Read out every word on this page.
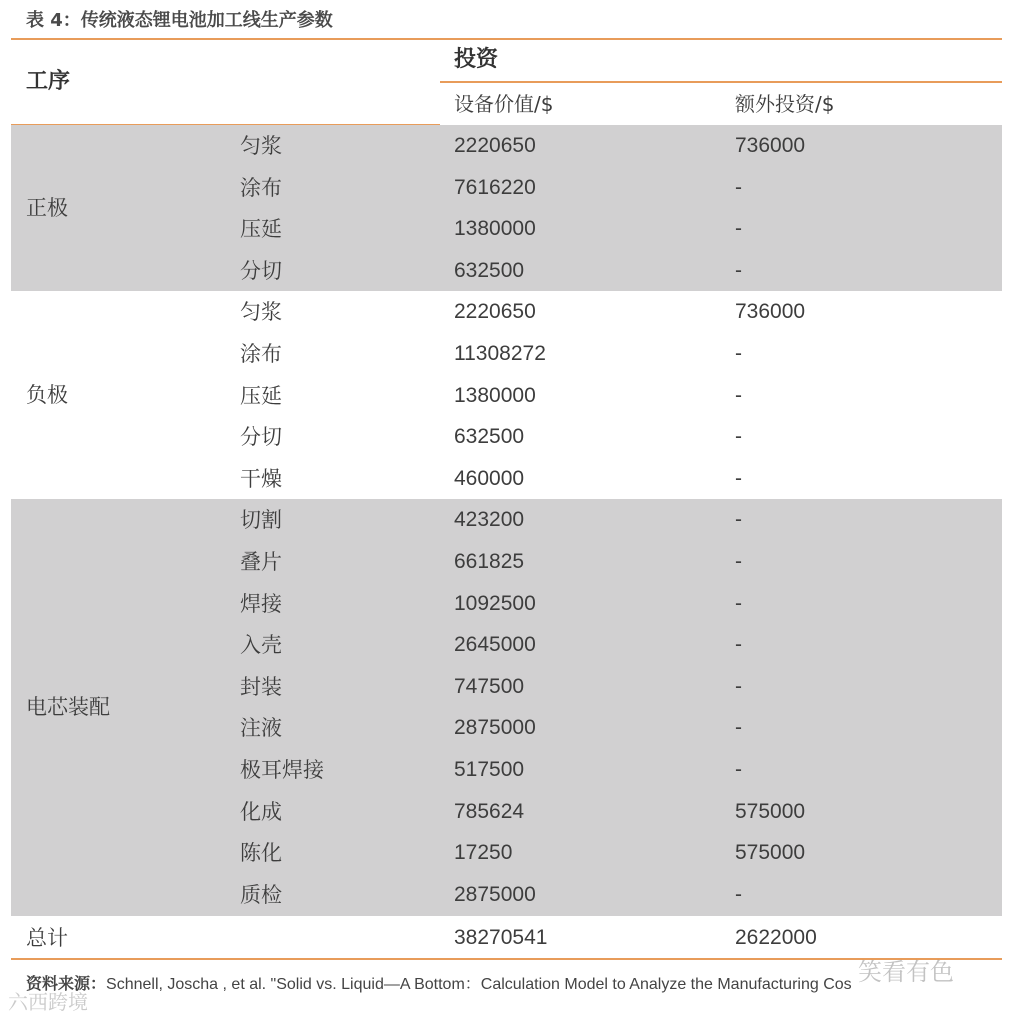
表 4：传统液态锂电池加工线生产参数
工序
投资
设备价值/$	额外投资/$
正极
匀浆	2220650	736000
涂布	7616220	-
压延	1380000	-
分切	632500	-
负极
匀浆	2220650	736000
涂布	11308272	-
压延	1380000	-
分切	632500	-
干燥	460000	-
电芯装配
切割	423200	-
叠片	661825	-
焊接	1092500	-
入壳	2645000	-
封装	747500	-
注液	2875000	-
极耳焊接	517500	-
化成	785624	575000
陈化	17250	575000
质检	2875000	-
总计	38270541	2622000
资料来源：Schnell, Joscha , et al. "Solid vs. Liquid—A Bottom：Calculation Model to Analyze the Manufacturing Cos 笑看有色
六西跨境
